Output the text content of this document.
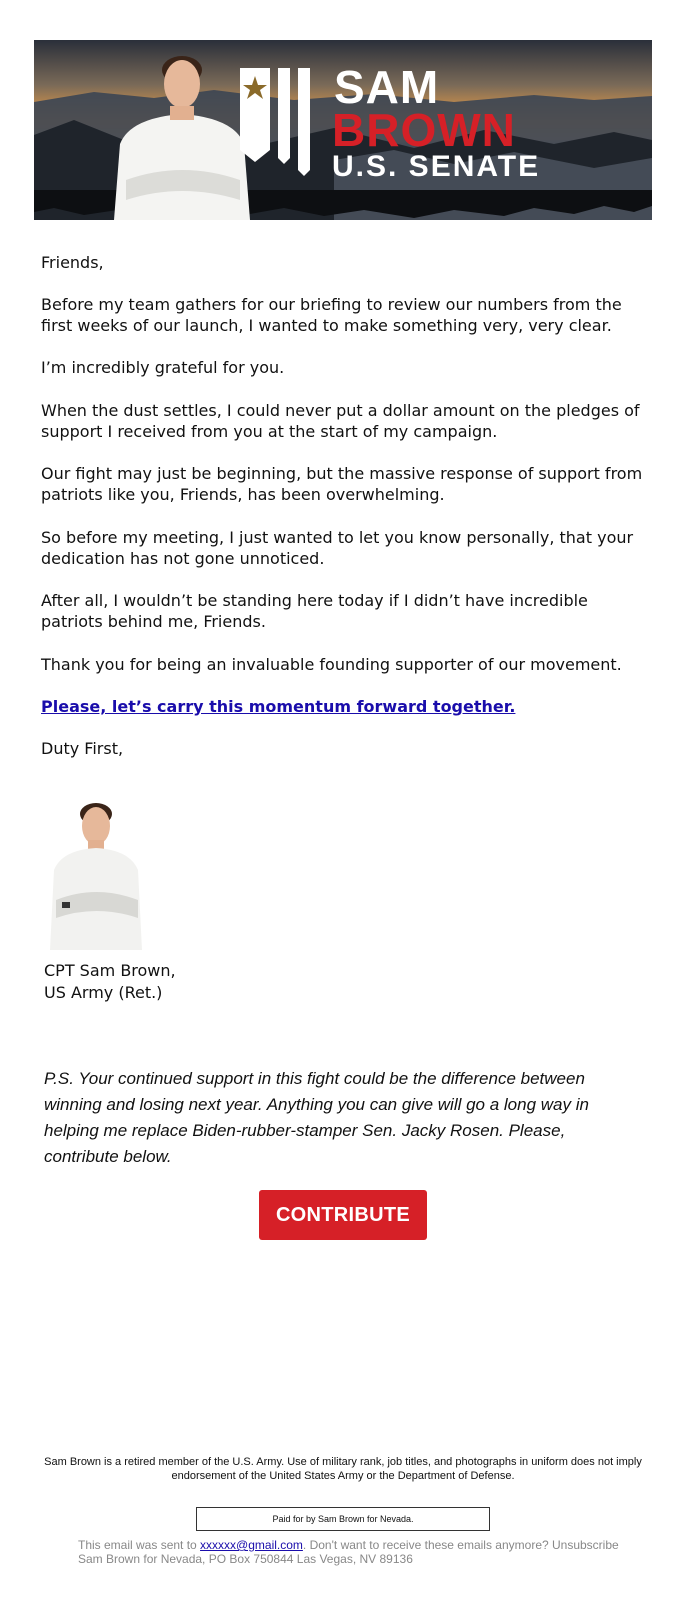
SAM
BROWN
U.S. SENATE

Friends,

Before my team gathers for our briefing to review our numbers from the first weeks of our launch, I wanted to make something very, very clear.

I’m incredibly grateful for you.

When the dust settles, I could never put a dollar amount on the pledges of support I received from you at the start of my campaign.

Our fight may just be beginning, but the massive response of support from patriots like you, Friends, has been overwhelming.

So before my meeting, I just wanted to let you know personally, that your dedication has not gone unnoticed.

After all, I wouldn’t be standing here today if I didn’t have incredible patriots behind me, Friends.

Thank you for being an invaluable founding supporter of our movement.

Please, let’s carry this momentum forward together.

Duty First,

CPT Sam Brown,
US Army (Ret.)

P.S. Your continued support in this fight could be the difference between winning and losing next year. Anything you can give will go a long way in helping me replace Biden-rubber-stamper Sen. Jacky Rosen. Please, contribute below.

CONTRIBUTE

Sam Brown is a retired member of the U.S. Army. Use of military rank, job titles, and photographs in uniform does not imply endorsement of the United States Army or the Department of Defense.

Paid for by Sam Brown for Nevada.

This email was sent to xxxxxx@gmail.com. Don't want to receive these emails anymore? Unsubscribe
Sam Brown for Nevada, PO Box 750844 Las Vegas, NV 89136
